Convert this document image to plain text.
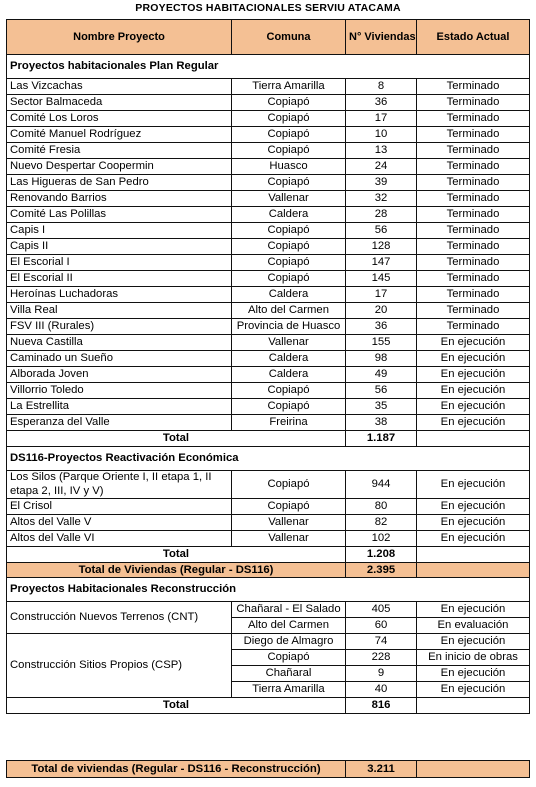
PROYECTOS HABITACIONALES SERVIU ATACAMA
Nombre Proyecto	Comuna	N° Viviendas	Estado Actual
Proyectos habitacionales Plan Regular			
Las Vizcachas	Tierra Amarilla	8	Terminado
Sector Balmaceda	Copiapó	36	Terminado
Comité Los Loros	Copiapó	17	Terminado
Comité Manuel Rodríguez	Copiapó	10	Terminado
Comité Fresia	Copiapó	13	Terminado
Nuevo Despertar Coopermin	Huasco	24	Terminado
Las Higueras de San Pedro	Copiapó	39	Terminado
Renovando Barrios	Vallenar	32	Terminado
Comité Las Polillas	Caldera	28	Terminado
Capis I	Copiapó	56	Terminado
Capis II	Copiapó	128	Terminado
El Escorial I	Copiapó	147	Terminado
El Escorial II	Copiapó	145	Terminado
Heroínas Luchadoras	Caldera	17	Terminado
Villa Real	Alto del Carmen	20	Terminado
FSV III (Rurales)	Provincia de Huasco	36	Terminado
Nueva Castilla	Vallenar	155	En ejecución
Caminado un Sueño	Caldera	98	En ejecución
Alborada Joven	Caldera	49	En ejecución
Villorrio Toledo	Copiapó	56	En ejecución
La Estrellita	Copiapó	35	En ejecución
Esperanza del Valle	Freirina	38	En ejecución
Total		1.187	
DS116-Proyectos Reactivación Económica			
Los Silos (Parque Oriente I, II etapa 1, II etapa 2, III, IV y V)	Copiapó	944	En ejecución
El Crisol	Copiapó	80	En ejecución
Altos del Valle V	Vallenar	82	En ejecución
Altos del Valle VI	Vallenar	102	En ejecución
Total		1.208	
Total de Viviendas (Regular - DS116)		2.395	
Proyectos Habitacionales Reconstrucción			
Construcción Nuevos Terrenos (CNT)	Chañaral - El Salado	405	En ejecución
	Alto del Carmen	60	En evaluación
Construcción Sitios Propios (CSP)	Diego de Almagro	74	En ejecución
	Copiapó	228	En inicio de obras
	Chañaral	9	En ejecución
	Tierra Amarilla	40	En ejecución
Total		816	
Total de viviendas (Regular - DS116 - Reconstrucción)	3.211	
